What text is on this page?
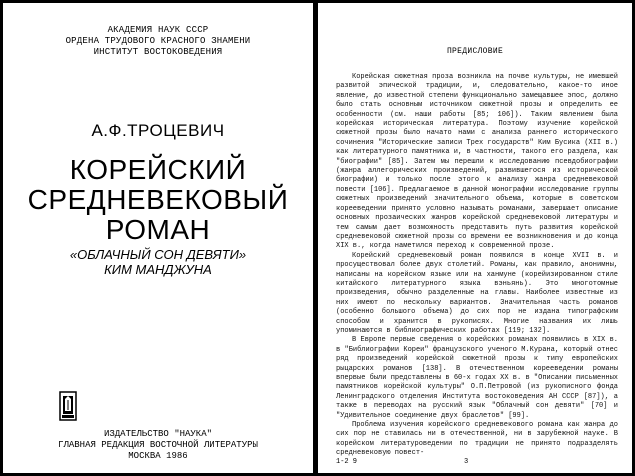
АКАДЕМИЯ НАУК СССР
ОРДЕНА ТРУДОВОГО КРАСНОГО ЗНАМЕНИ
ИНСТИТУТ ВОСТОКОВЕДЕНИЯ
А.Ф.ТРОЦЕВИЧ
КОРЕЙСКИЙ
СРЕДНЕВЕКОВЫЙ
РОМАН
«ОБЛАЧНЫЙ СОН ДЕВЯТИ»
КИМ МАНДЖУНА
ИЗДАТЕЛЬСТВО "НАУКА"
ГЛАВНАЯ РЕДАКЦИЯ ВОСТОЧНОЙ ЛИТЕРАТУРЫ
МОСКВА 1986
ПРЕДИСЛОВИЕ

Корейская сюжетная проза возникла на почве культуры, не имевшей развитой эпической традиции, и, следовательно, какое-то иное явление, до известной степени функционально замещавшее эпос, должно было стать основным источником сюжетной прозы и определить ее особенности (см. наши работы [85; 106]). Таким явлением была корейская историческая литература. Поэтому изучение корейской сюжетной прозы было начато нами с анализа раннего исторического сочинения "Исторические записи Трех государств" Ким Бусика (XII в.) как литературного памятника и, в частности, такого его раздела, как "биографии" [85]. Затем мы перешли к исследованию псевдобиографии (жанра аллегорических произведений, развившегося из исторической биографии) и только после этого к анализу жанра средневековой повести [106]. Предлагаемое в данной монографии исследование группы сюжетных произведений значительного объема, которые в советском корееведении принято условно называть романами, завершает описание основных прозаических жанров корейской средневековой литературы и тем самым дает возможность представить путь развития корейской средневековой сюжетной прозы со времени ее возникновения и до конца XIX в., когда наметился переход к современной прозе.

Корейский средневековый роман появился в конце XVII в. и просуществовал более двух столетий. Романы, как правило, анонимны, написаны на корейском языке или на ханмуне (корейизированном стиле китайского литературного языка вэньянь). Это многотомные произведения, обычно разделенные на главы. Наиболее известные из них имеют по нескольку вариантов. Значительная часть романов (особенно большого объема) до сих пор не издана типографским способом и хранится в рукописях. Многие названия их лишь упоминаются в библиографических работах [119; 132].

В Европе первые сведения о корейских романах появились в XIX в. в "Библиографии Кореи" французского ученого М.Курана, который отнес ряд произведений корейской сюжетной прозы к типу европейских рыцарских романов [138]. В отечественном корееведении романы впервые были представлены в 60-х годах XX в. в "Описании письменных памятников корейской культуры" О.П.Петровой (из рукописного фонда Ленинградского отделения Института востоковедения АН СССР [87]), а также в переводах на русский язык "Облачный сон девяти" [70] и "Удивительное соединение двух браслетов" [99].

Проблема изучения корейского средневекового романа как жанра до сих пор не ставилась ни в отечественной, ни в зарубежной науке. В корейском литературоведении по традиции не принято подразделять средневековую повест-

1-2 9	3
